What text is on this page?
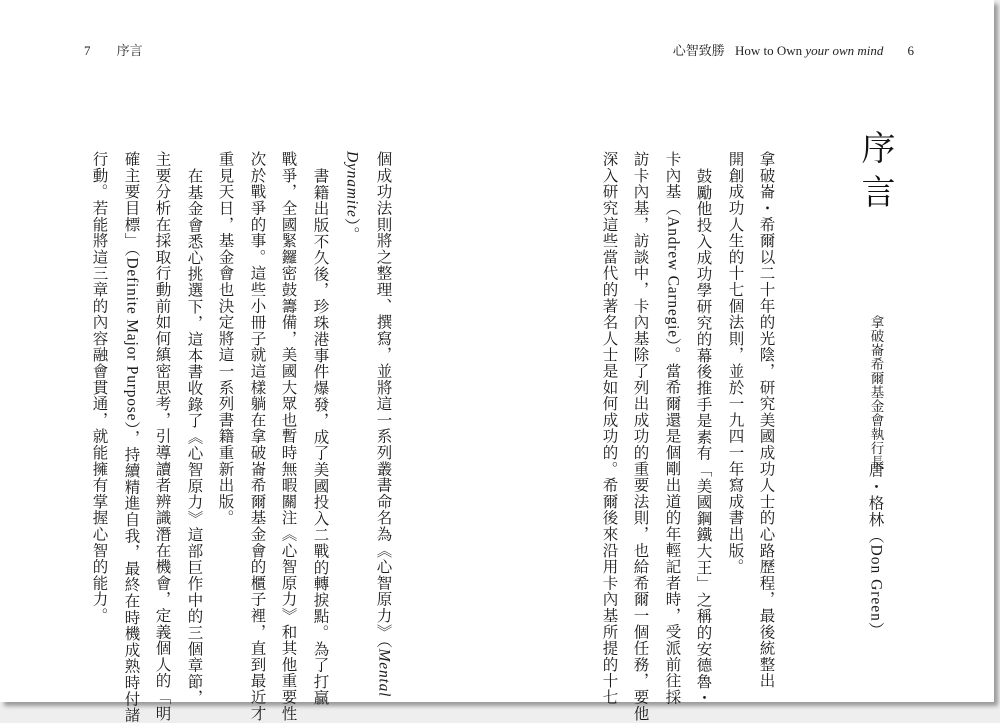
7 序言	心智致勝 How to Own your own mind 6
序言
拿破崙希爾基金會執行長
唐・格林（Don Green）
拿破崙・希爾以二十年的光陰，研究美國成功人士的心路歷程，最後統整出
開創成功人生的十七個法則，並於一九四一年寫成書出版。
鼓勵他投入成功學研究的幕後推手是素有「美國鋼鐵大王」之稱的安德魯・
卡內基（Andrew Carnegie）。當希爾還是個剛出道的年輕記者時，受派前往採
訪卡內基，訪談中，卡內基除了列出成功的重要法則，也給希爾一個任務，要他
深入研究這些當代的著名人士是如何成功的。希爾後來沿用卡內基所提的十七
個成功法則將之整理、撰寫，並將這一系列叢書命名為《心智原力》（Mental
Dynamite）。
書籍出版不久後，珍珠港事件爆發，成了美國投入二戰的轉捩點。為了打贏
戰爭，全國緊鑼密鼓籌備，美國大眾也暫時無暇關注《心智原力》和其他重要性
次於戰爭的事。這些小冊子就這樣躺在拿破崙希爾基金會的櫃子裡，直到最近才
重見天日，基金會也決定將這一系列書籍重新出版。
在基金會悉心挑選下，這本書收錄了《心智原力》這部巨作中的三個章節，
主要分析在採取行動前如何縝密思考，引導讀者辨識潛在機會，定義個人的「明
確主要目標」（Definite Major Purpose），持續精進自我，最終在時機成熟時付諸
行動。若能將這三章的內容融會貫通，就能擁有掌握心智的能力。
